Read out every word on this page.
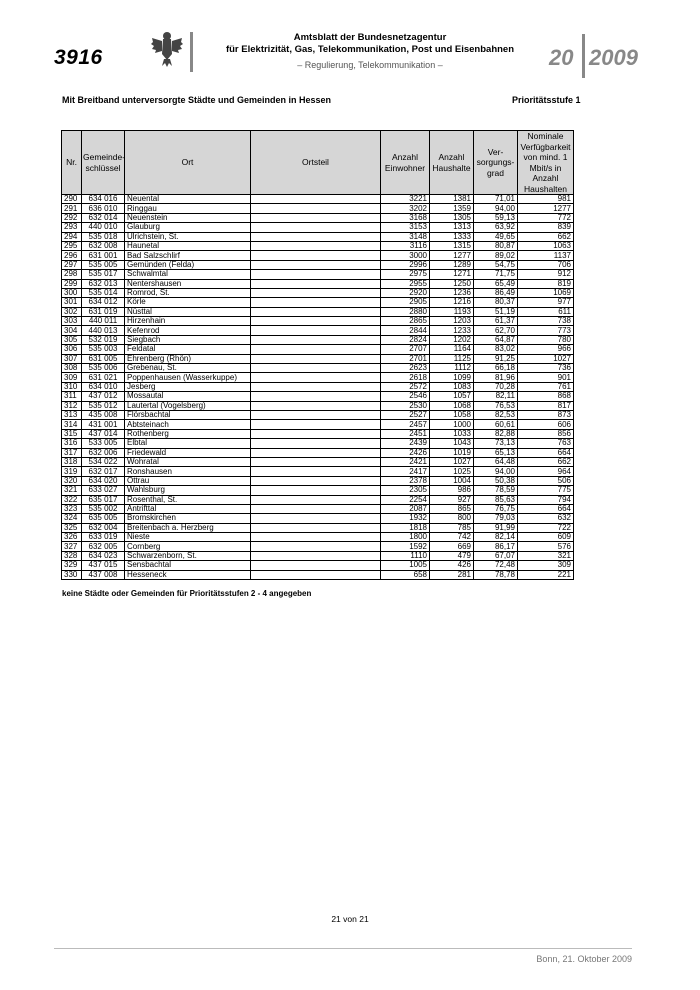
3916
Amtsblatt der Bundesnetzagentur
für Elektrizität, Gas, Telekommunikation, Post und Eisenbahnen
– Regulierung, Telekommunikation –	20 2009
Mit Breitband unterversorgte Städte und Gemeinden in Hessen	Prioritätsstufe 1
Nr.	Gemeinde-schlüssel	Ort	Ortsteil	Anzahl Einwohner	Anzahl Haushalte	Ver-sorgungs-grad	Nominale Verfügbarkeit von mind. 1 Mbit/s in Anzahl Haushalten
290	634 016	Neuental		3221	1381	71,01	981
291	636 010	Ringgau		3202	1359	94,00	1277
292	632 014	Neuenstein		3168	1305	59,13	772
293	440 010	Glauburg		3153	1313	63,92	839
294	535 018	Ulrichstein, St.		3148	1333	49,65	662
295	632 008	Haunetal		3116	1315	80,87	1063
296	631 001	Bad Salzschlirf		3000	1277	89,02	1137
297	535 005	Gemünden (Felda)		2996	1289	54,75	706
298	535 017	Schwalmtal		2975	1271	71,75	912
299	632 013	Nentershausen		2955	1250	65,49	819
300	535 014	Romrod, St.		2920	1236	86,49	1069
301	634 012	Körle		2905	1216	80,37	977
302	631 019	Nüsttal		2880	1193	51,19	611
303	440 011	Hirzenhain		2865	1203	61,37	738
304	440 013	Kefenrod		2844	1233	62,70	773
305	532 019	Siegbach		2824	1202	64,87	780
306	535 003	Feldatal		2707	1164	83,02	966
307	631 005	Ehrenberg (Rhön)		2701	1125	91,25	1027
308	535 006	Grebenau, St.		2623	1112	66,18	736
309	631 021	Poppenhausen (Wasserkuppe)		2618	1099	81,96	901
310	634 010	Jesberg		2572	1083	70,28	761
311	437 012	Mossautal		2546	1057	82,11	868
312	535 012	Lautertal (Vogelsberg)		2530	1068	76,53	817
313	435 008	Flörsbachtal		2527	1058	82,53	873
314	431 001	Abtsteinach		2457	1000	60,61	606
315	437 014	Rothenberg		2451	1033	82,88	856
316	533 005	Elbtal		2439	1043	73,13	763
317	632 006	Friedewald		2426	1019	65,13	664
318	534 022	Wohratal		2421	1027	64,48	662
319	632 017	Ronshausen		2417	1025	94,00	964
320	634 020	Ottrau		2378	1004	50,38	506
321	633 027	Wahlsburg		2305	986	78,59	775
322	635 017	Rosenthal, St.		2254	927	85,63	794
323	535 002	Antrifttal		2087	865	76,75	664
324	635 005	Bromskirchen		1932	800	79,03	632
325	632 004	Breitenbach a. Herzberg		1818	785	91,99	722
326	633 019	Nieste		1800	742	82,14	609
327	632 005	Cornberg		1592	669	86,17	576
328	634 023	Schwarzenborn, St.		1110	479	67,07	321
329	437 015	Sensbachtal		1005	426	72,48	309
330	437 008	Hesseneck		658	281	78,78	221
keine Städte oder Gemeinden für Prioritätsstufen 2 - 4 angegeben
21 von 21
Bonn, 21. Oktober 2009
